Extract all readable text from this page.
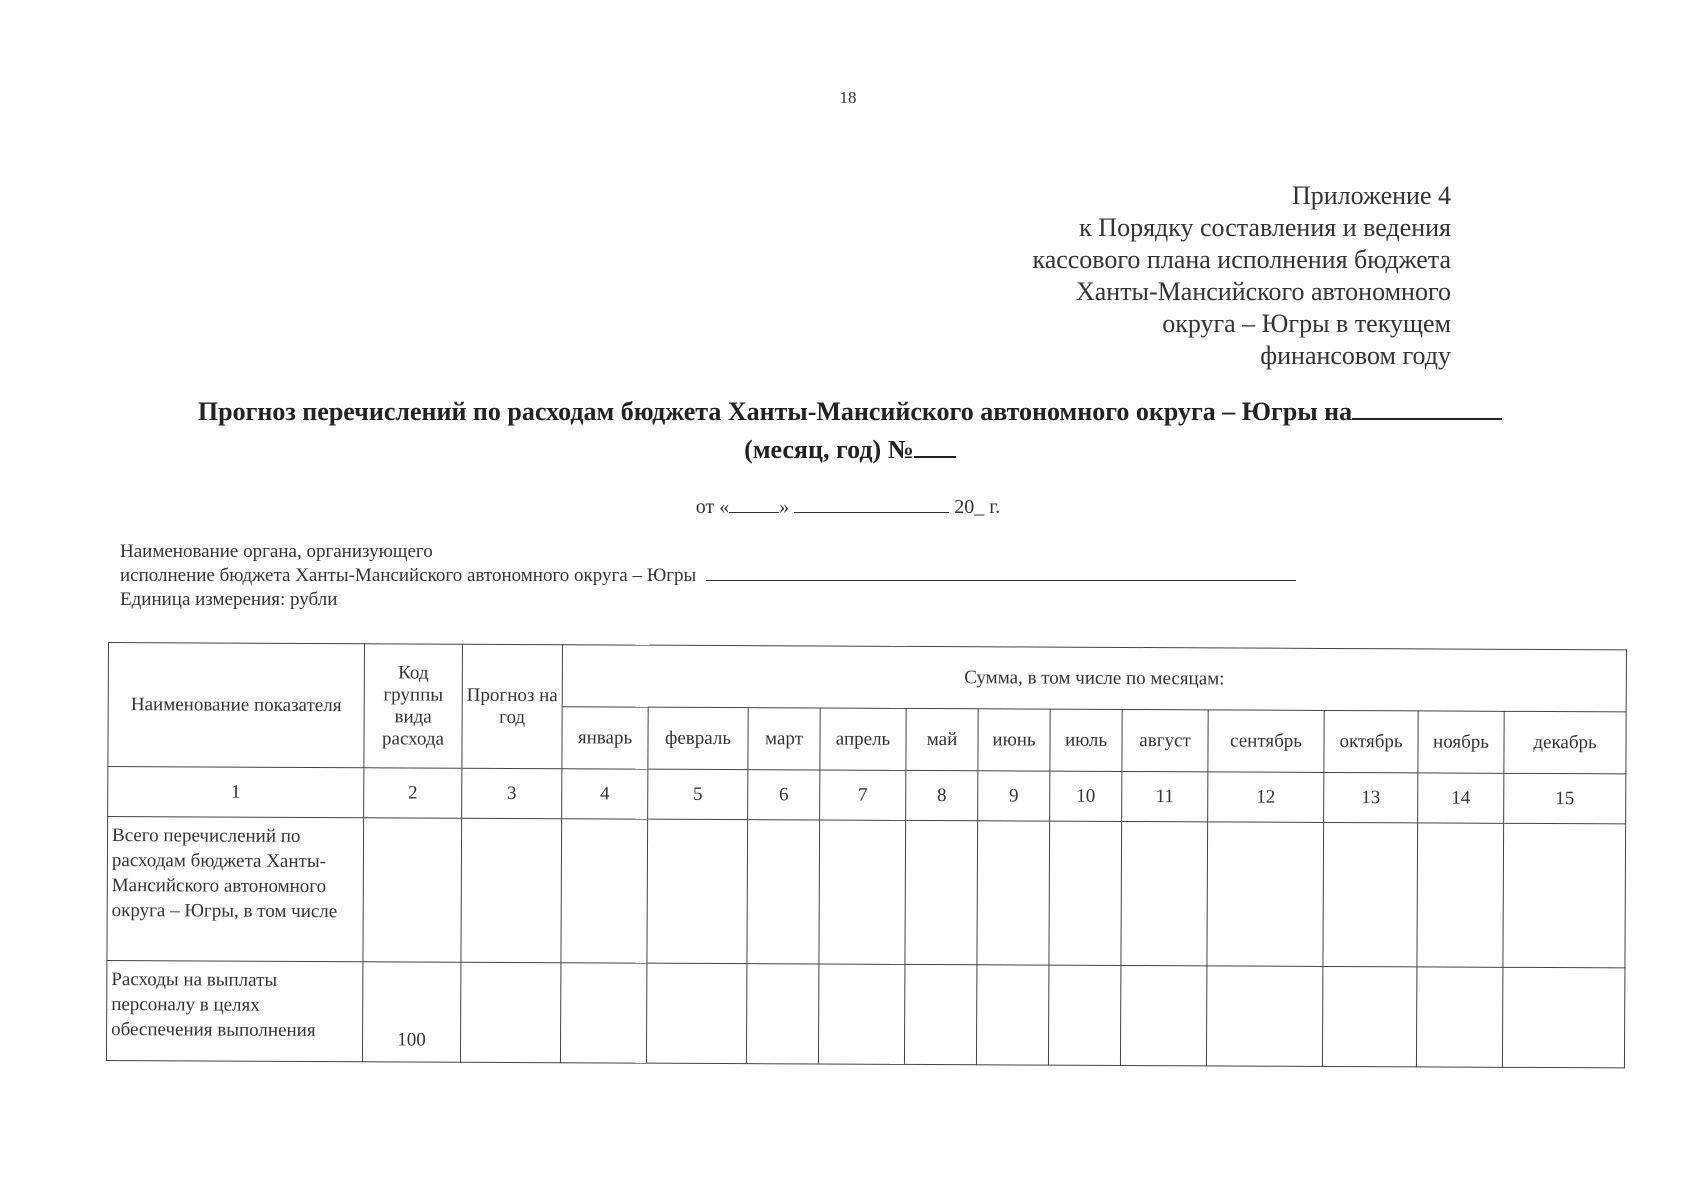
18
Приложение 4
к Порядку составления и ведения
кассового плана исполнения бюджета
Ханты-Мансийского автономного
округа – Югры в текущем
финансовом году
Прогноз перечислений по расходам бюджета Ханты-Мансийского автономного округа – Югры на
(месяц, год) №
от «	»	20_ г.
Наименование органа, организующего
исполнение бюджета Ханты-Мансийского автономного округа – Югры
Единица измерения: рубли
Наименование показателя	Код группы вида расхода	Прогноз на год	Сумма, в том числе по месяцам:											
			январь	февраль	март	апрель	май	июнь	июль	август	сентябрь	октябрь	ноябрь	декабрь
1	2	3	4	5	6	7	8	9	10	11	12	13	14	15
Всего перечислений по расходам бюджета Ханты-Мансийского автономного округа – Югры, в том числе														
Расходы на выплаты персоналу в целях обеспечения выполнения	100													
